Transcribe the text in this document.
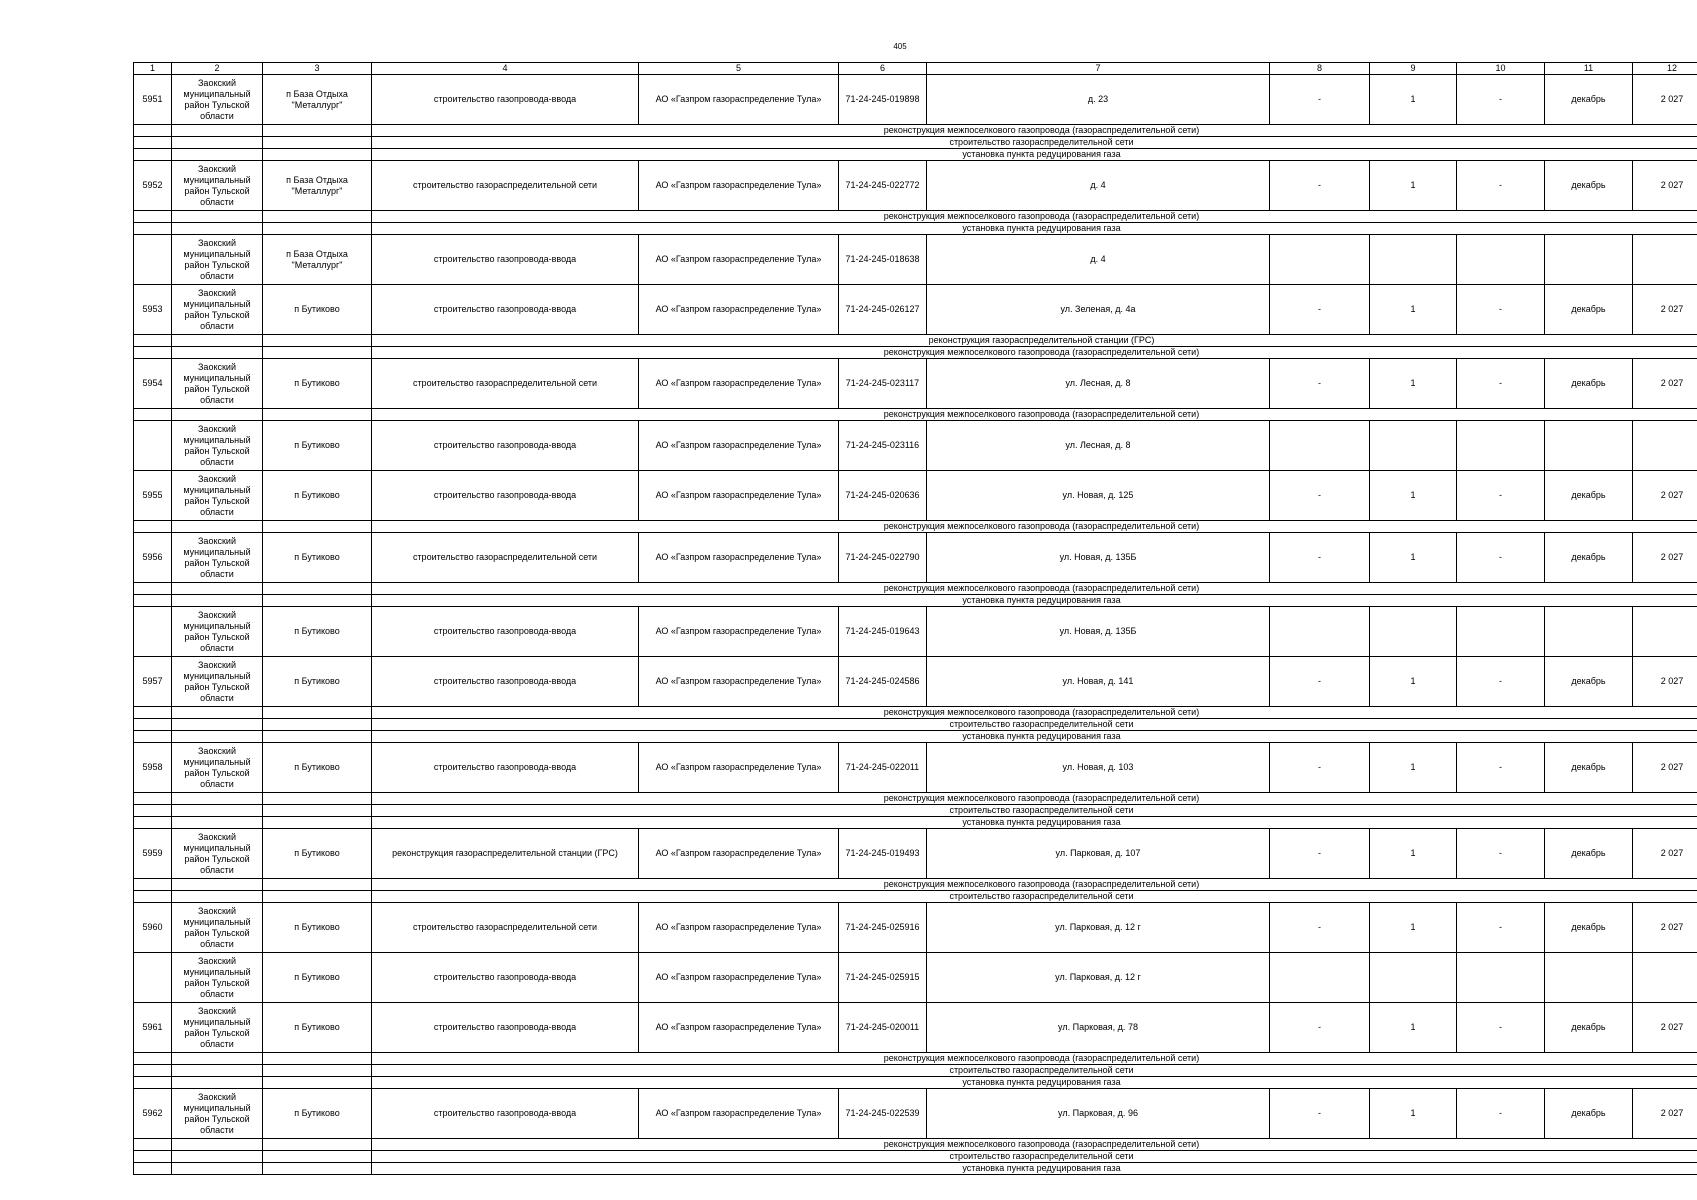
405
1	2	3	4	5	6	7	8	9	10	11	12
5951	Заокский муниципальный район Тульской области	п База Отдыха "Металлург"	строительство газопровода-ввода	АО «Газпром газораспределение Тула»	71-24-245-019898	д. 23	-	1	-	декабрь	2 027
			реконструкция межпоселкового газопровода (газораспределительной сети)								
			строительство газораспределительной сети								
			установка пункта редуцирования газа								
5952	Заокский муниципальный район Тульской области	п База Отдыха "Металлург"	строительство газораспределительной сети	АО «Газпром газораспределение Тула»	71-24-245-022772	д. 4	-	1	-	декабрь	2 027
			реконструкция межпоселкового газопровода (газораспределительной сети)								
			установка пункта редуцирования газа								
	Заокский муниципальный район Тульской области	п База Отдыха "Металлург"	строительство газопровода-ввода	АО «Газпром газораспределение Тула»	71-24-245-018638	д. 4					
5953	Заокский муниципальный район Тульской области	п Бутиково	строительство газопровода-ввода	АО «Газпром газораспределение Тула»	71-24-245-026127	ул. Зеленая, д. 4а	-	1	-	декабрь	2 027
			реконструкция газораспределительной станции (ГРС)								
			реконструкция межпоселкового газопровода (газораспределительной сети)								
5954	Заокский муниципальный район Тульской области	п Бутиково	строительство газораспределительной сети	АО «Газпром газораспределение Тула»	71-24-245-023117	ул. Лесная, д. 8	-	1	-	декабрь	2 027
			реконструкция межпоселкового газопровода (газораспределительной сети)								
	Заокский муниципальный район Тульской области	п Бутиково	строительство газопровода-ввода	АО «Газпром газораспределение Тула»	71-24-245-023116	ул. Лесная, д. 8					
5955	Заокский муниципальный район Тульской области	п Бутиково	строительство газопровода-ввода	АО «Газпром газораспределение Тула»	71-24-245-020636	ул. Новая, д. 125	-	1	-	декабрь	2 027
			реконструкция межпоселкового газопровода (газораспределительной сети)								
5956	Заокский муниципальный район Тульской области	п Бутиково	строительство газораспределительной сети	АО «Газпром газораспределение Тула»	71-24-245-022790	ул. Новая, д. 135Б	-	1	-	декабрь	2 027
			реконструкция межпоселкового газопровода (газораспределительной сети)								
			установка пункта редуцирования газа								
	Заокский муниципальный район Тульской области	п Бутиково	строительство газопровода-ввода	АО «Газпром газораспределение Тула»	71-24-245-019643	ул. Новая, д. 135Б					
5957	Заокский муниципальный район Тульской области	п Бутиково	строительство газопровода-ввода	АО «Газпром газораспределение Тула»	71-24-245-024586	ул. Новая, д. 141	-	1	-	декабрь	2 027
			реконструкция межпоселкового газопровода (газораспределительной сети)								
			строительство газораспределительной сети								
			установка пункта редуцирования газа								
5958	Заокский муниципальный район Тульской области	п Бутиково	строительство газопровода-ввода	АО «Газпром газораспределение Тула»	71-24-245-022011	ул. Новая, д. 103	-	1	-	декабрь	2 027
			реконструкция межпоселкового газопровода (газораспределительной сети)								
			строительство газораспределительной сети								
			установка пункта редуцирования газа								
5959	Заокский муниципальный район Тульской области	п Бутиково	реконструкция газораспределительной станции (ГРС)	АО «Газпром газораспределение Тула»	71-24-245-019493	ул. Парковая, д. 107	-	1	-	декабрь	2 027
			реконструкция межпоселкового газопровода (газораспределительной сети)								
			строительство газораспределительной сети								
5960	Заокский муниципальный район Тульской области	п Бутиково	строительство газораспределительной сети	АО «Газпром газораспределение Тула»	71-24-245-025916	ул. Парковая, д. 12 г	-	1	-	декабрь	2 027
	Заокский муниципальный район Тульской области	п Бутиково	строительство газопровода-ввода	АО «Газпром газораспределение Тула»	71-24-245-025915	ул. Парковая, д. 12 г					
5961	Заокский муниципальный район Тульской области	п Бутиково	строительство газопровода-ввода	АО «Газпром газораспределение Тула»	71-24-245-020011	ул. Парковая, д. 78	-	1	-	декабрь	2 027
			реконструкция межпоселкового газопровода (газораспределительной сети)								
			строительство газораспределительной сети								
			установка пункта редуцирования газа								
5962	Заокский муниципальный район Тульской области	п Бутиково	строительство газопровода-ввода	АО «Газпром газораспределение Тула»	71-24-245-022539	ул. Парковая, д. 96	-	1	-	декабрь	2 027
			реконструкция межпоселкового газопровода (газораспределительной сети)								
			строительство газораспределительной сети								
			установка пункта редуцирования газа								
